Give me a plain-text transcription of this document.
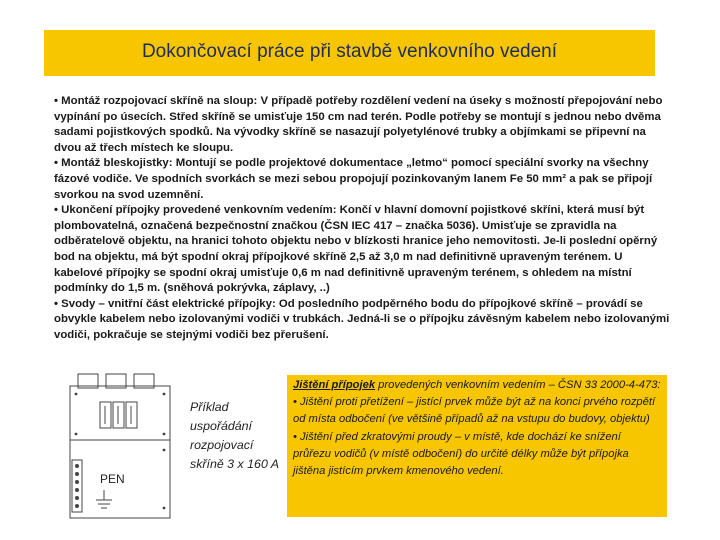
Dokončovací práce při stavbě venkovního vedení

• Montáž rozpojovací skříně na sloup: V případě potřeby rozdělení vedení na úseky s možností přepojování nebo vypínání po úsecích. Střed skříně se umisťuje 150 cm nad terén. Podle potřeby se montují s jednou nebo dvěma sadami pojistkových spodků. Na vývodky skříně se nasazují polyetylénové trubky a objímkami se připevní na dvou až třech místech ke sloupu.

• Montáž bleskojistky: Montují se podle projektové dokumentace „letmo“ pomocí speciální svorky na všechny fázové vodiče. Ve spodních svorkách se mezi sebou propojují pozinkovaným lanem Fe 50 mm² a pak se připojí svorkou na svod uzemnění.

• Ukončení přípojky provedené venkovním vedením: Končí v hlavní domovní pojistkové skříni, která musí být plombovatelná, označená bezpečnostní značkou (ČSN IEC 417 – značka 5036). Umisťuje se zpravidla na odběratelově objektu, na hranici tohoto objektu nebo v blízkosti hranice jeho nemovitosti. Je-li poslední opěrný bod na objektu, má být spodní okraj přípojkové skříně 2,5 až 3,0 m nad definitivně upraveným terénem. U kabelové přípojky se spodní okraj umisťuje 0,6 m nad definitivně upraveným terénem, s ohledem na místní podmínky do 1,5 m. (sněhová pokrývka, záplavy, ..)

• Svody – vnitřní část elektrické přípojky: Od posledního podpěrného bodu do přípojkové skříně – provádí se obvykle kabelem nebo izolovanými vodiči v trubkách. Jedná-li se o přípojku závěsným kabelem nebo izolovanými vodiči, pokračuje se stejnými vodiči bez přerušení.

PEN
Příklad
uspořádání
rozpojovací
skříně 3 x 160 A

Jištění přípojek provedených venkovním vedením – ČSN 33 2000-4-473:

• Jištění proti přetížení – jistící prvek může být až na konci prvého rozpětí od místa odbočení (ve většině případů až na vstupu do budovy, objektu)

• Jištění před zkratovými proudy – v místě, kde dochází ke snížení průřezu vodičů (v místě odbočení) do určité délky může být přípojka jištěna jistícím prvkem kmenového vedení.
